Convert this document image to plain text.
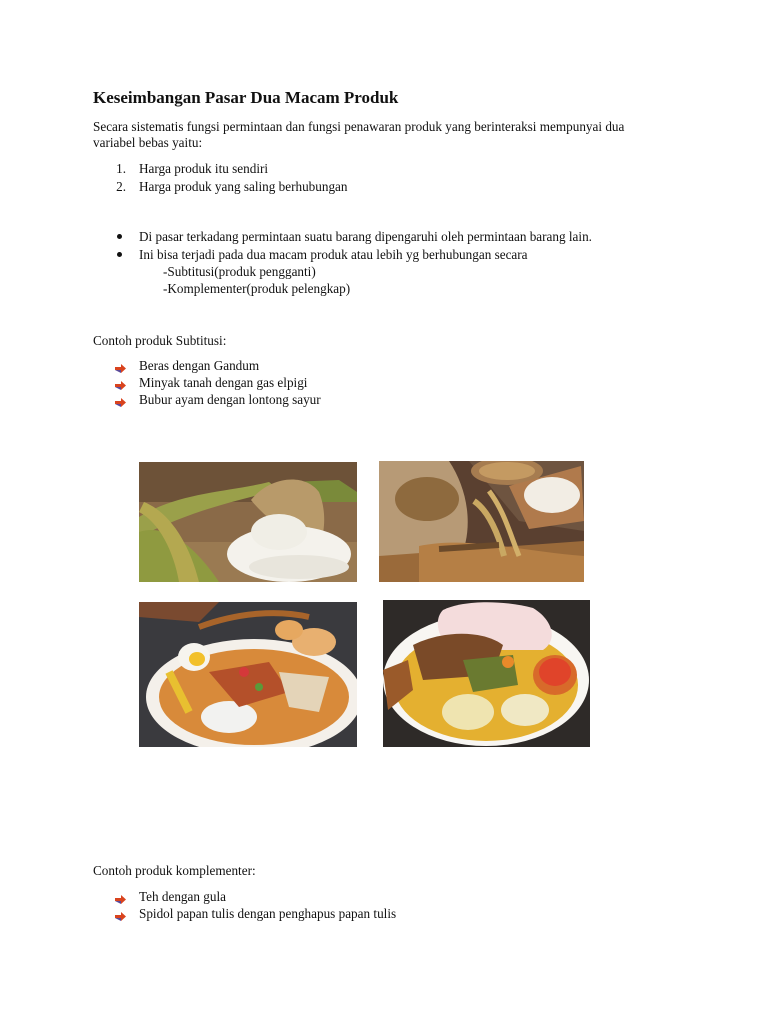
Keseimbangan Pasar Dua Macam Produk
Secara sistematis fungsi permintaan dan fungsi penawaran produk yang berinteraksi mempunyai dua
variabel bebas yaitu:
1. Harga produk itu sendiri
2. Harga produk yang saling berhubungan
Di pasar terkadang permintaan suatu barang dipengaruhi oleh permintaan barang lain.
Ini bisa terjadi pada dua macam produk atau lebih yg berhubungan secara
-Subtitusi(produk pengganti)
-Komplementer(produk pelengkap)
Contoh produk Subtitusi:
Beras dengan Gandum
Minyak tanah dengan gas elpigi
Bubur ayam dengan lontong sayur
Contoh produk komplementer:
Teh dengan gula
Spidol papan tulis dengan penghapus papan tulis
